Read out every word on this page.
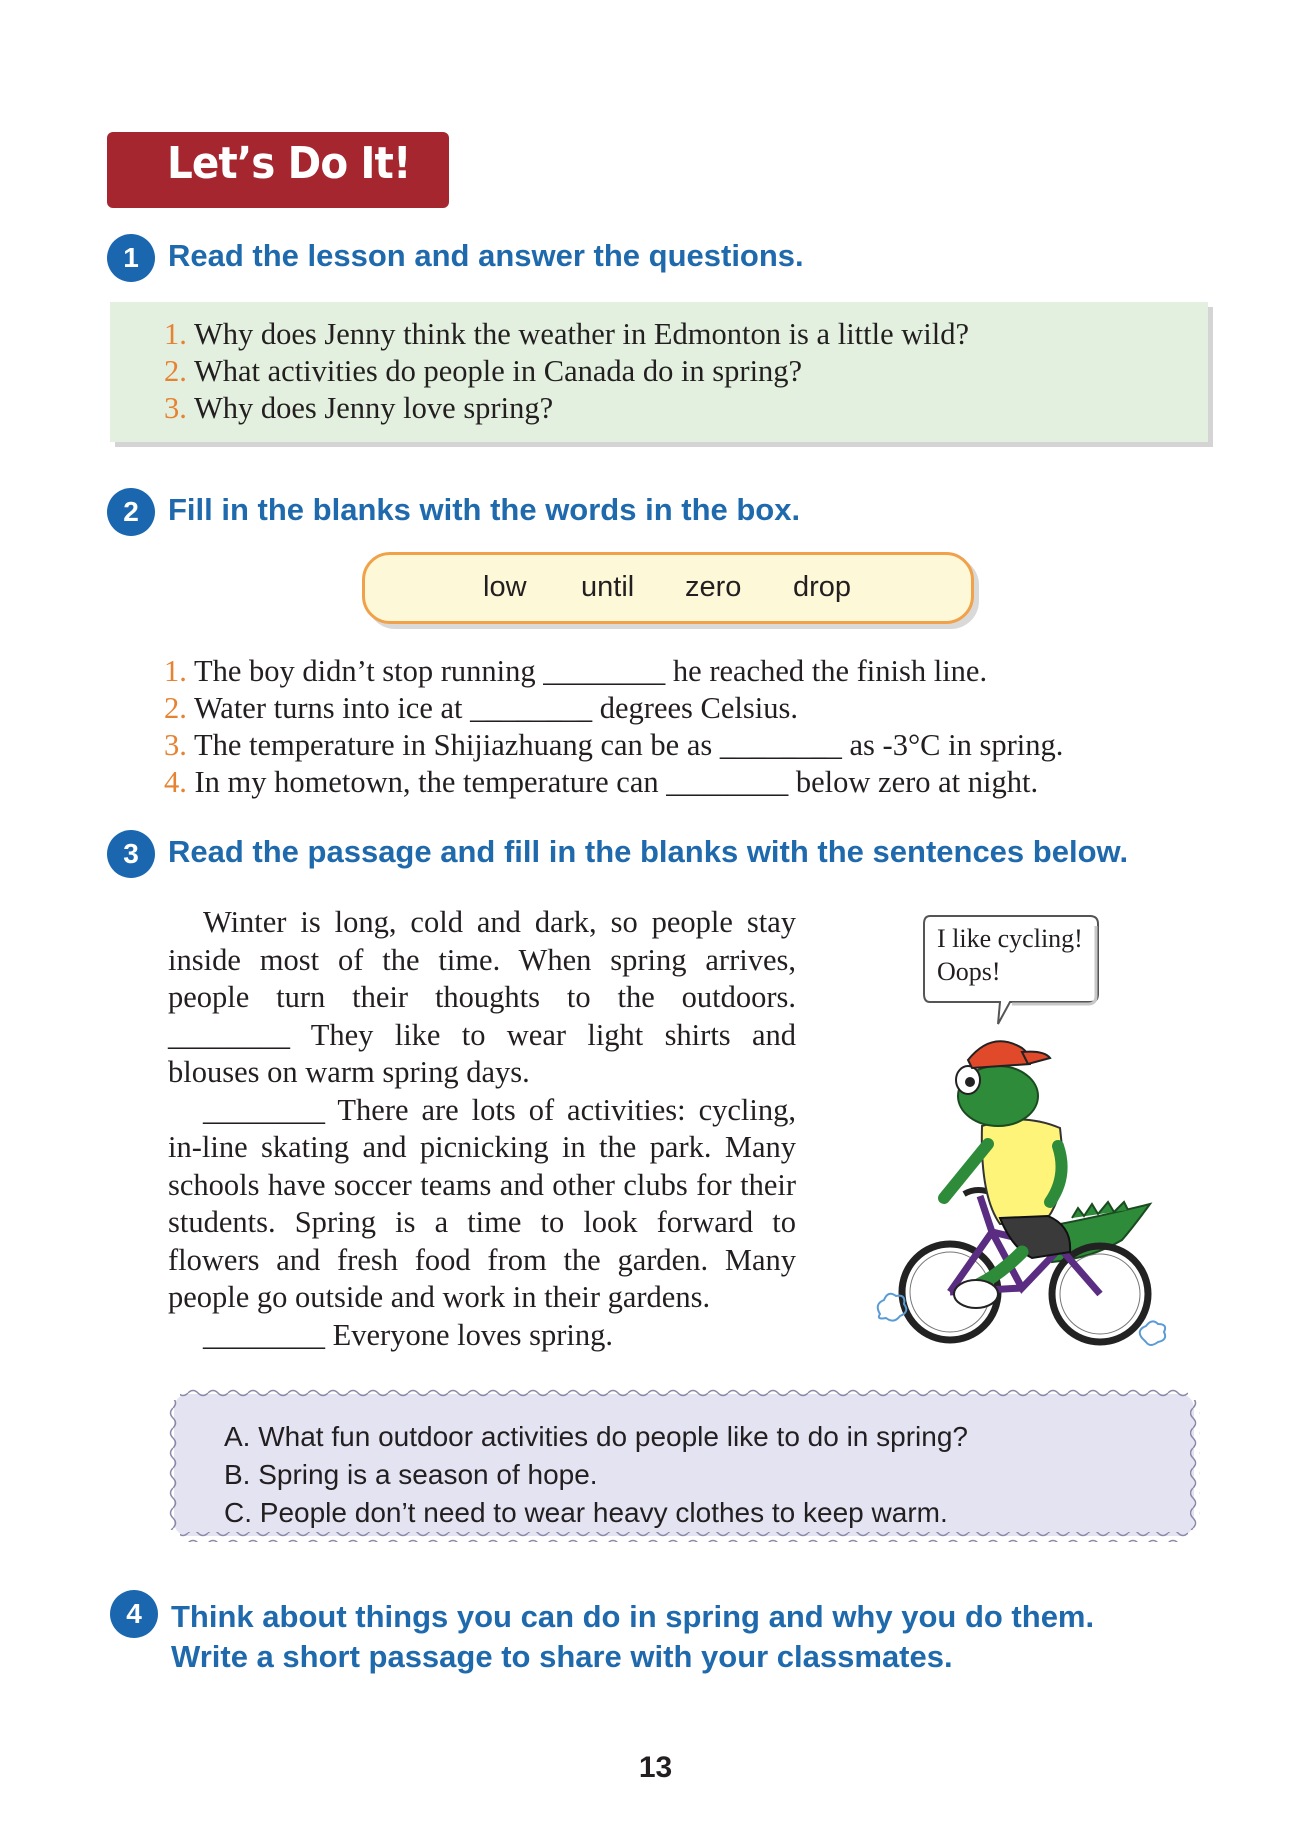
Let’s Do It!
1 Read the lesson and answer the questions.
1. Why does Jenny think the weather in Edmonton is a little wild?
2. What activities do people in Canada do in spring?
3. Why does Jenny love spring?
2 Fill in the blanks with the words in the box.
low until zero drop
1. The boy didn’t stop running ________ he reached the finish line.
2. Water turns into ice at ________ degrees Celsius.
3. The temperature in Shijiazhuang can be as ________ as -3°C in spring.
4. In my hometown, the temperature can ________ below zero at night.
3 Read the passage and fill in the blanks with the sentences below.

Winter is long, cold and dark, so people stay inside most of the time. When spring arrives, people turn their thoughts to the outdoors. ________ They like to wear light shirts and blouses on warm spring days.

________ There are lots of activities: cycling, in-line skating and picnicking in the park. Many schools have soccer teams and other clubs for their students. Spring is a time to look forward to flowers and fresh food from the garden. Many people go outside and work in their gardens.

________ Everyone loves spring.

I like cycling!
Oops!
A. What fun outdoor activities do people like to do in spring?
B. Spring is a season of hope.
C. People don’t need to wear heavy clothes to keep warm.
4 Think about things you can do in spring and why you do them.
Write a short passage to share with your classmates.
13
